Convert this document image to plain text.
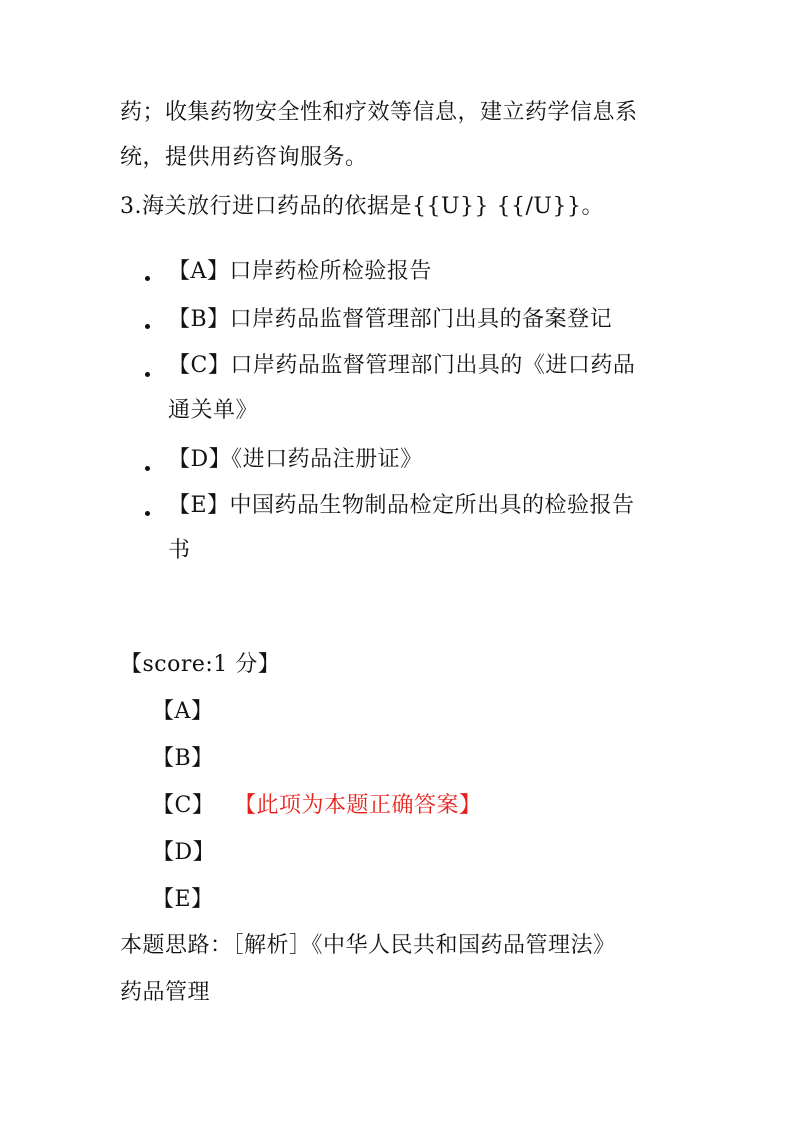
药；收集药物安全性和疗效等信息，建立药学信息系
统，提供用药咨询服务。
3.海关放行进口药品的依据是{{U}} {{/U}}。
【A】口岸药检所检验报告
【B】口岸药品监督管理部门出具的备案登记
【C】口岸药品监督管理部门出具的《进口药品
通关单》
【D】《进口药品注册证》
【E】中国药品生物制品检定所出具的检验报告
书
【score:1 分】
【A】
【B】
【C】 【此项为本题正确答案】
【D】
【E】
本题思路：［解析］《中华人民共和国药品管理法》
药品管理
